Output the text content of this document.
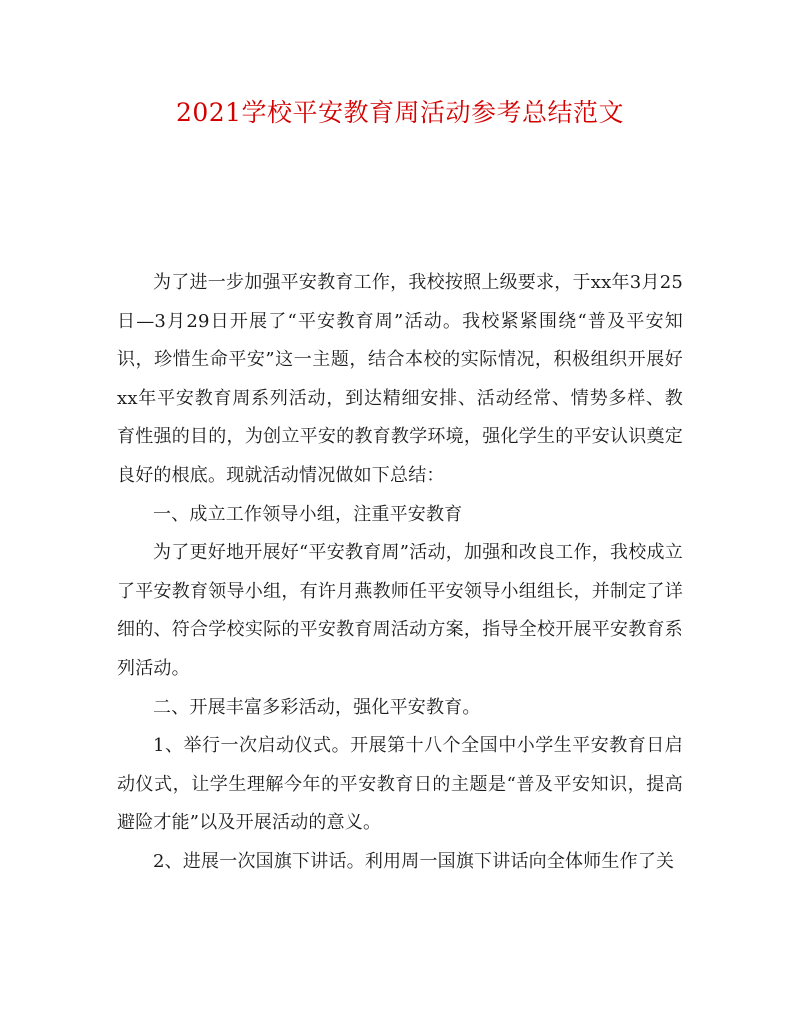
2021学校平安教育周活动参考总结范文

为了进一步加强平安教育工作，我校按照上级要求，于xx年3月25日—3月29日开展了“平安教育周”活动。我校紧紧围绕“普及平安知识，珍惜生命平安”这一主题，结合本校的实际情况，积极组织开展好xx年平安教育周系列活动，到达精细安排、活动经常、情势多样、教育性强的目的，为创立平安的教育教学环境，强化学生的平安认识奠定良好的根底。现就活动情况做如下总结：

一、成立工作领导小组，注重平安教育

为了更好地开展好“平安教育周”活动，加强和改良工作，我校成立了平安教育领导小组，有许月燕教师任平安领导小组组长，并制定了详细的、符合学校实际的平安教育周活动方案，指导全校开展平安教育系列活动。

二、开展丰富多彩活动，强化平安教育。

1、举行一次启动仪式。开展第十八个全国中小学生平安教育日启动仪式，让学生理解今年的平安教育日的主题是“普及平安知识，提高避险才能”以及开展活动的意义。

2、进展一次国旗下讲话。利用周一国旗下讲话向全体师生作了关
